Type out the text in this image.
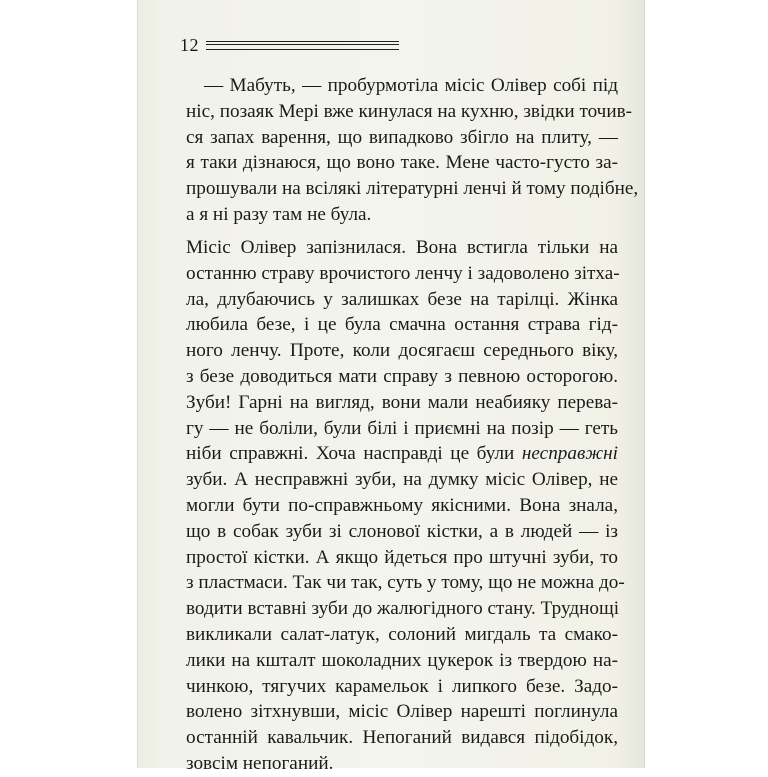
12
— Мабуть, — пробурмотіла місіс Олівер собі під
ніс, позаяк Мері вже кинулася на кухню, звідки точив-
ся запах варення, що випадково збігло на плиту, —
я таки дізнаюся, що воно таке. Мене часто-густо за-
прошували на всілякі літературні ленчі й тому подібне,
а я ні разу там не була.
Місіс Олівер запізнилася. Вона встигла тільки на
останню страву врочистого ленчу і задоволено зітха-
ла, длубаючись у залишках безе на тарілці. Жінка
любила безе, і це була смачна остання страва гід-
ного ленчу. Проте, коли досягаєш середнього віку,
з безе доводиться мати справу з певною осторогою.
Зуби! Гарні на вигляд, вони мали неабияку перева-
гу — не боліли, були білі і приємні на позір — геть
ніби справжні. Хоча насправді це були несправжні
зуби. А несправжні зуби, на думку місіс Олівер, не
могли бути по-справжньому якісними. Вона знала,
що в собак зуби зі слонової кістки, а в людей — із
простої кістки. А якщо йдеться про штучні зуби, то
з пластмаси. Так чи так, суть у тому, що не можна до-
водити вставні зуби до жалюгідного стану. Труднощі
викликали салат-латук, солоний мигдаль та смако-
лики на кшталт шоколадних цукерок із твердою на-
чинкою, тягучих карамельок і липкого безе. Задо-
волено зітхнувши, місіс Олівер нарешті поглинула
останній кавальчик. Непоганий видався підобідок,
зовсім непоганий.
